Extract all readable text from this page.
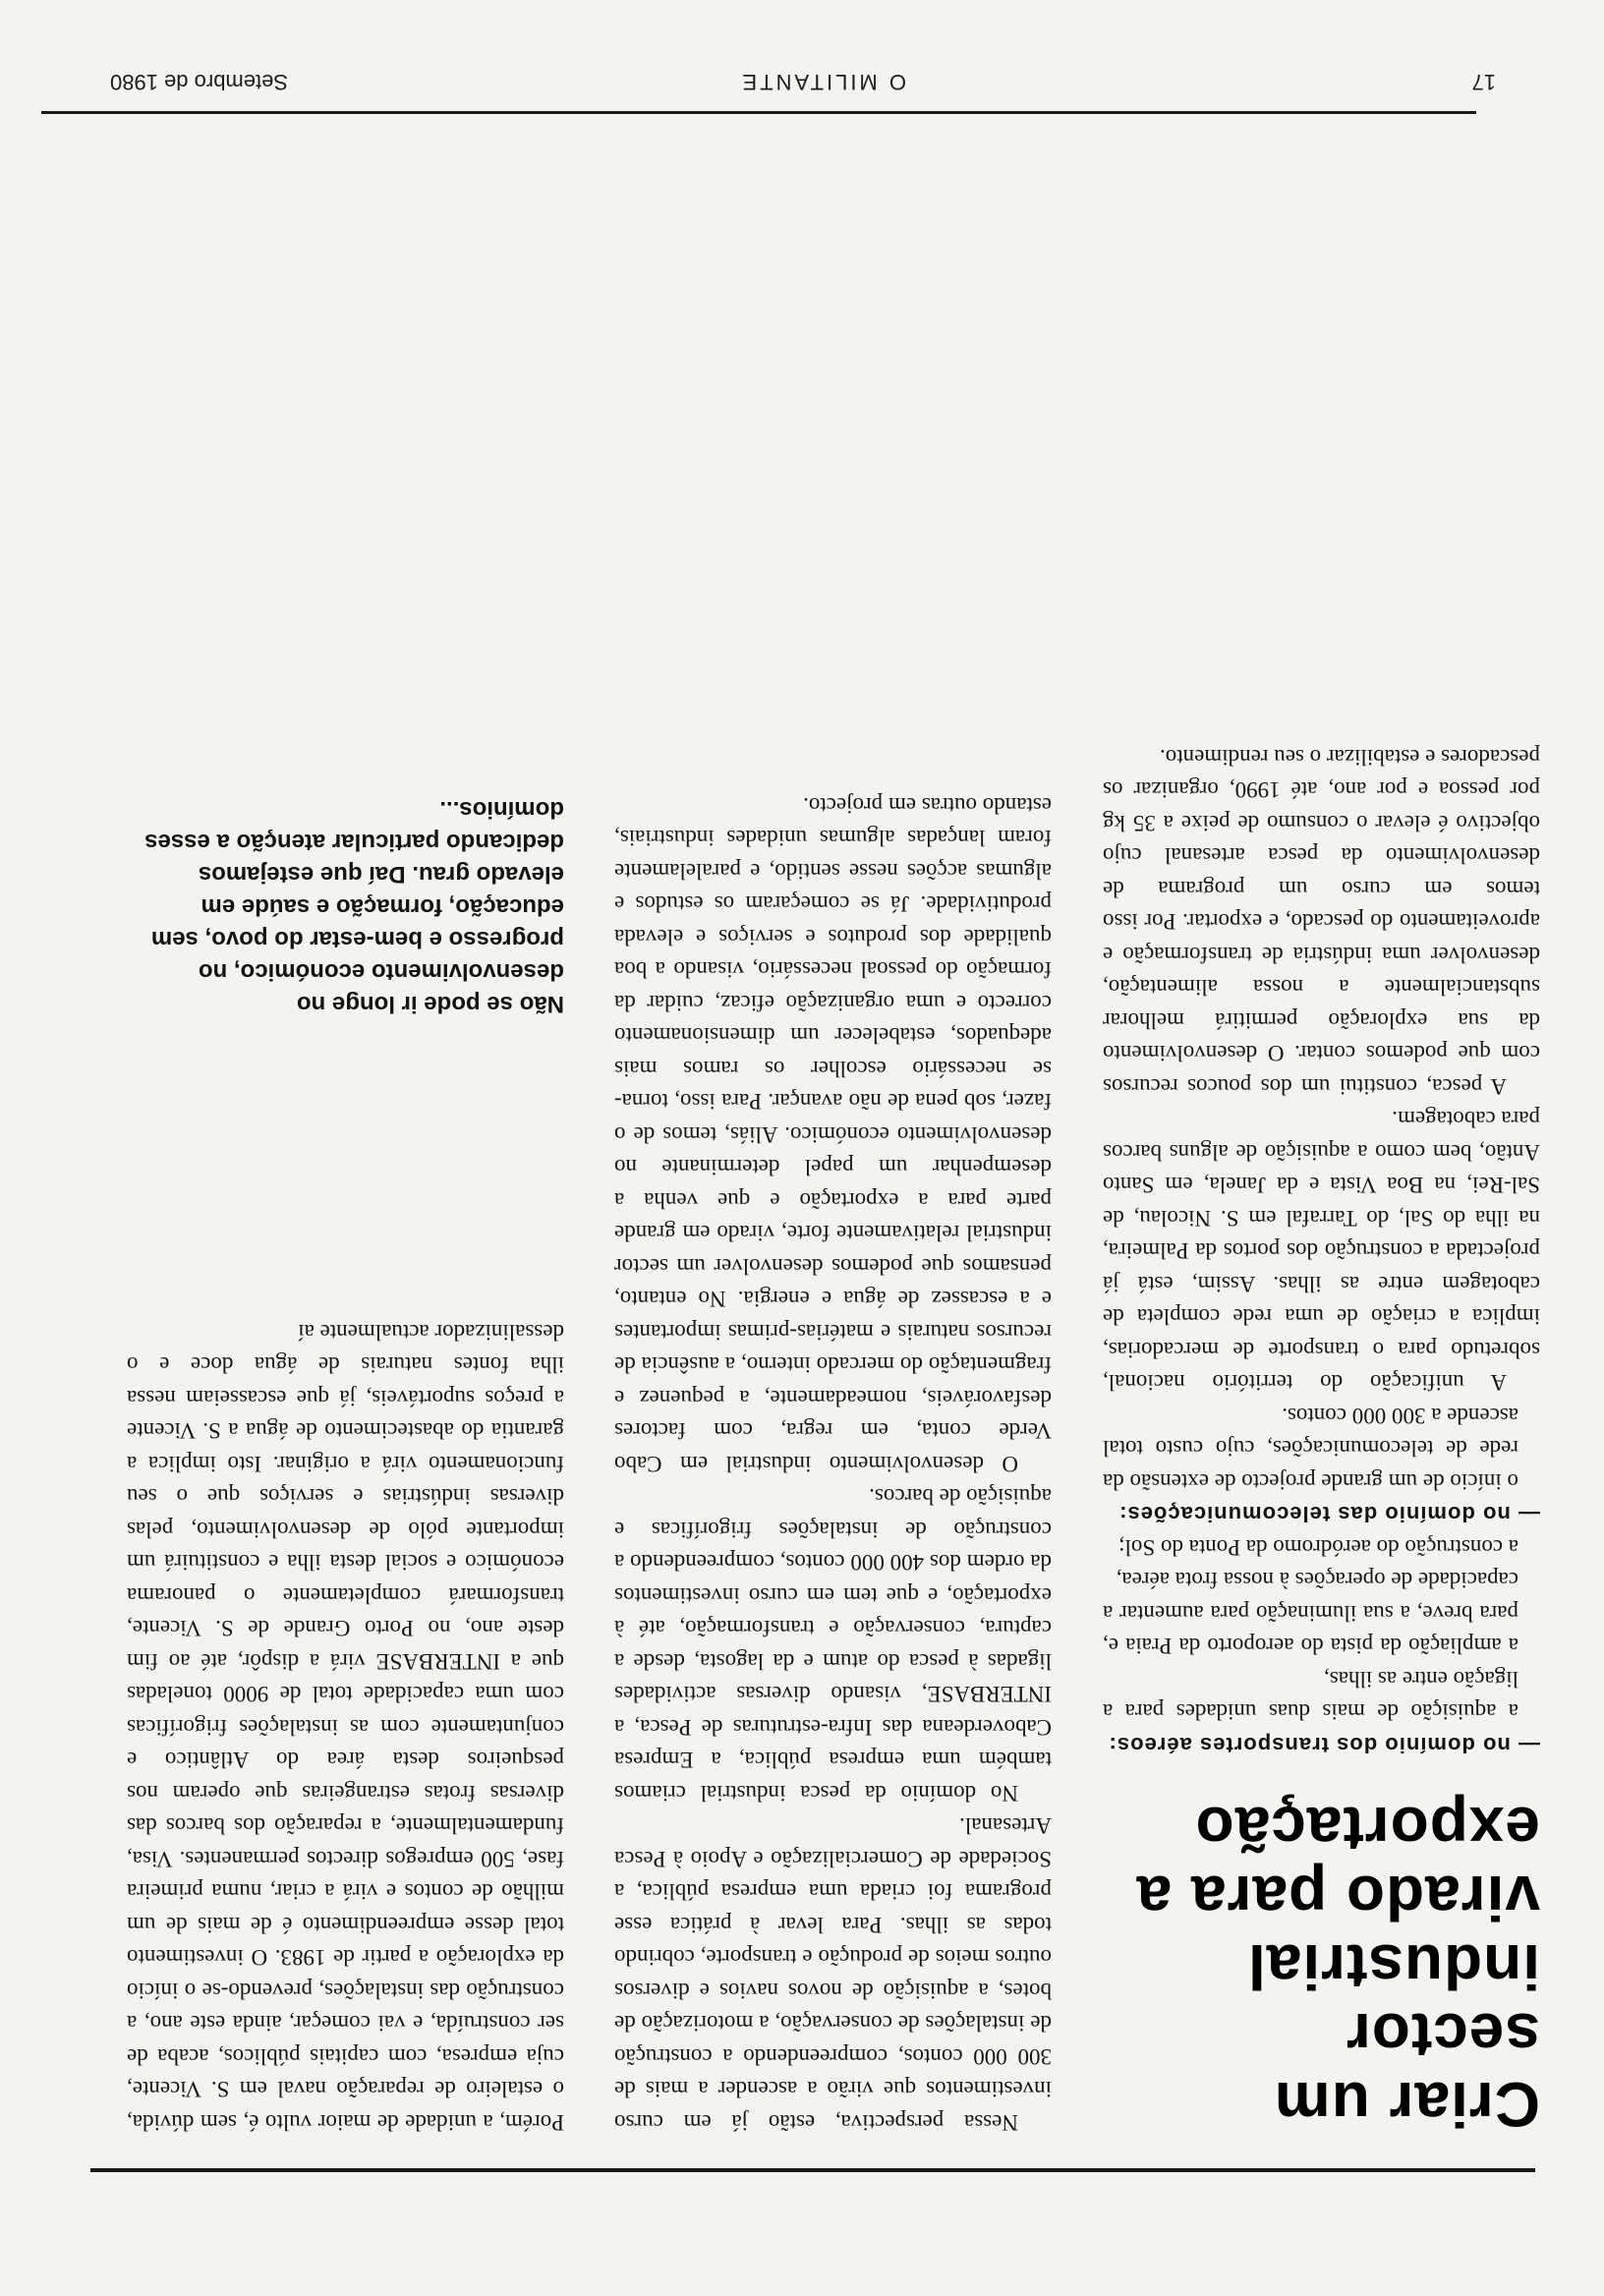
Criar um sector industrial
virado para a exportação

— no domínio dos transportes aéreos:

a aquisição de mais duas unidades para a ligação entre as ilhas,
a ampliação da pista do aeroporto da Praia e, para breve, a sua iluminação para aumentar a capacidade de operações à nossa frota aérea,
a construção do aeródromo da Ponta do Sol;

— no domínio das telecomunicações:

o início de um grande projecto de extensão da rede de telecomunicações, cujo custo total ascende a 300 000 contos.

A unificação do território nacional, sobretudo para o transporte de mercadorias, implica a criação de uma rede completa de cabotagem entre as ilhas. Assim, está já projectada a construção dos portos da Palmeira, na ilha do Sal, do Tarrafal em S. Nicolau, de Sal-Rei, na Boa Vista e da Janela, em Santo Antão, bem como a aquisição de alguns barcos para cabotagem.

A pesca, constitui um dos poucos recursos com que podemos contar. O desenvolvimento da sua exploração permitirá melhorar substancialmente a nossa alimentação, desenvolver uma indústria de transformação e aproveitamento do pescado, e exportar. Por isso temos em curso um programa de desenvolvimento da pesca artesanal cujo objectivo é elevar o consumo de peixe a 35 kg por pessoa e por ano, até 1990, organizar os pescadores e estabilizar o seu rendimento.

Nessa perspectiva, estão já em curso investimentos que virão a ascender a mais de 300 000 contos, compreendendo a construção de instalações de conservação, a motorização de botes, a aquisição de novos navios e diversos outros meios de produção e transporte, cobrindo todas as ilhas. Para levar à prática esse programa foi criada uma empresa pública, a Sociedade de Comercialização e Apoio à Pesca Artesanal.

No domínio da pesca industrial criamos também uma empresa pública, a Empresa Caboverdeana das Infra-estruturas de Pesca, a INTERBASE, visando diversas actividades ligadas à pesca do atum e da lagosta, desde a captura, conservação e transformação, até à exportação, e que tem em curso investimentos da ordem dos 400 000 contos, compreendendo a construção de instalações frigoríficas e aquisição de barcos.

O desenvolvimento industrial em Cabo Verde conta, em regra, com factores desfavoráveis, nomeadamente, a pequenez e fragmentação do mercado interno, a ausência de recursos naturais e matérias-primas importantes e a escassez de água e energia. No entanto, pensamos que podemos desenvolver um sector industrial relativamente forte, virado em grande parte para a exportação e que venha a desempenhar um papel determinante no desenvolvimento económico. Aliás, temos de o fazer, sob pena de não avançar. Para isso, torna-se necessário escolher os ramos mais adequados, estabelecer um dimensionamento correcto e uma organização eficaz, cuidar da formação do pessoal necessário, visando a boa qualidade dos produtos e serviços e elevada produtividade. Já se começaram os estudos e algumas acções nesse sentido, e paralelamente foram lançadas algumas unidades industriais, estando outras em projecto.

Porém, a unidade de maior vulto é, sem dúvida, o estaleiro de reparação naval em S. Vicente, cuja empresa, com capitais públicos, acaba de ser construída, e vai começar, ainda este ano, a construção das instalações, prevendo-se o início da exploração a partir de 1983. O investimento total desse empreendimento é de mais de um milhão de contos e virá a criar, numa primeira fase, 500 empregos directos permanentes. Visa, fundamentalmente, a reparação dos barcos das diversas frotas estrangeiras que operam nos pesqueiros desta área do Atlântico e conjuntamente com as instalações frigoríficas com uma capacidade total de 9000 toneladas que a INTERBASE virá a dispôr, até ao fim deste ano, no Porto Grande de S. Vicente, transformará completamente o panorama económico e social desta ilha e constituirá um importante pólo de desenvolvimento, pelas diversas indústrias e serviços que o seu funcionamento virá a originar. Isto implica a garantia do abastecimento de água a S. Vicente a preços suportáveis, já que escasseiam nessa ilha fontes naturais de água doce e o dessalinizador actualmente aí

Não se pode ir longe no desenvolvimento económico, no progresso e bem-estar do povo, sem educação, formação e saúde em elevado grau. Daí que estejamos dedicando particular atenção a esses domínios...

Setembro de 1980	O MILITANTE	17
